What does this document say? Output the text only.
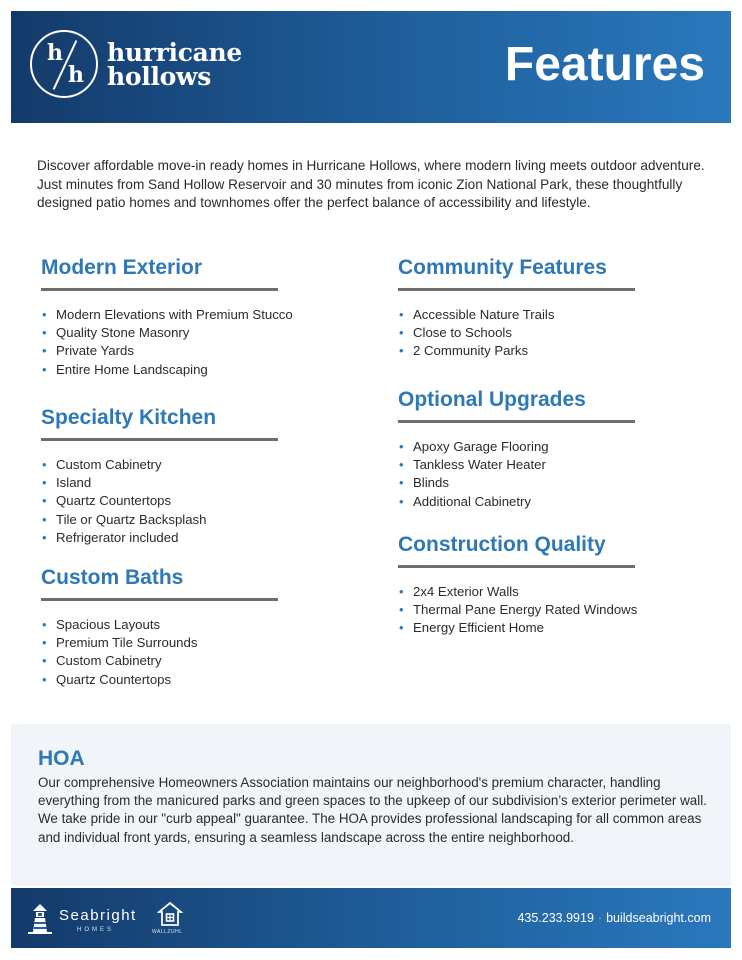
h
h
hurricane
hollows	Features

Discover affordable move-in ready homes in Hurricane Hollows, where modern living meets outdoor adventure. Just minutes from Sand Hollow Reservoir and 30 minutes from iconic Zion National Park, these thoughtfully designed patio homes and townhomes offer the perfect balance of accessibility and lifestyle.

Modern Exterior
• Modern Elevations with Premium Stucco
• Quality Stone Masonry
• Private Yards
• Entire Home Landscaping
Specialty Kitchen
• Custom Cabinetry
• Island
• Quartz Countertops
• Tile or Quartz Backsplash
• Refrigerator included
Custom Baths
• Spacious Layouts
• Premium Tile Surrounds
• Custom Cabinetry
• Quartz Countertops
Community Features
• Accessible Nature Trails
• Close to Schools
• 2 Community Parks
Optional Upgrades
• Apoxy Garage Flooring
• Tankless Water Heater
• Blinds
• Additional Cabinetry
Construction Quality
• 2x4 Exterior Walls
• Thermal Pane Energy Rated Windows
• Energy Efficient Home
HOA

Our comprehensive Homeowners Association maintains our neighborhood's premium character, handling everything from the manicured parks and green spaces to the upkeep of our subdivision’s exterior perimeter wall. We take pride in our "curb appeal" guarantee. The HOA provides professional landscaping for all common areas and individual front yards, ensuring a seamless landscape across the entire neighborhood.

Seabright
HOMES	WALLZUHL
435.233.9919 · buildseabright.com
